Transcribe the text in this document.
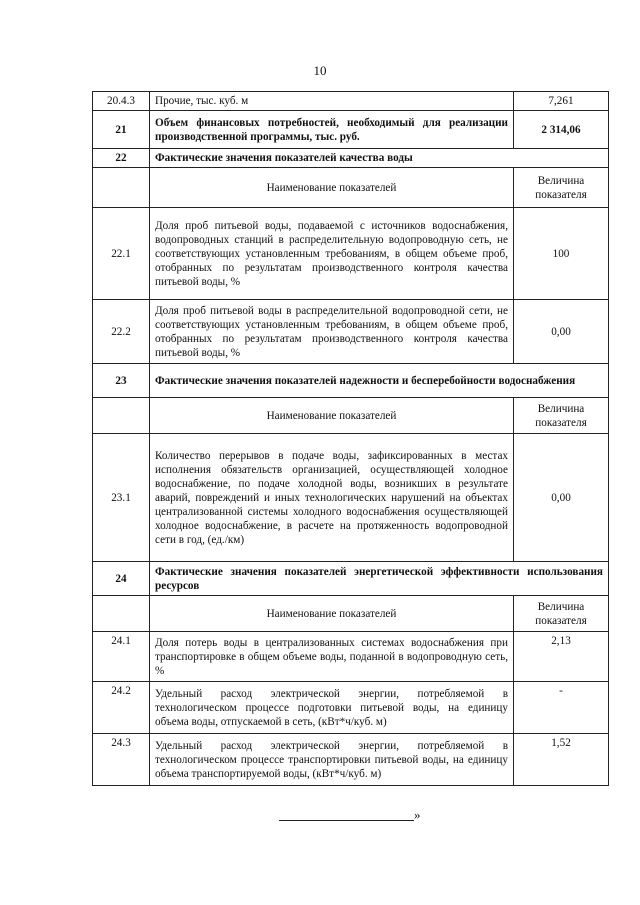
10
20.4.3	Прочие, тыс. куб. м	7,261
21	Объем финансовых потребностей, необходимый для реализации производственной программы, тыс. руб.	2 314,06
22	Фактические значения показателей качества воды	
	Наименование показателей	Величина показателя
22.1	Доля проб питьевой воды, подаваемой с источников водоснабжения, водопроводных станций в распределительную водопроводную сеть, не соответствующих установленным требованиям, в общем объеме проб, отобранных по результатам производственного контроля качества питьевой воды, %	100
22.2	Доля проб питьевой воды в распределительной водопроводной сети, не соответствующих установленным требованиям, в общем объеме проб, отобранных по результатам производственного контроля качества питьевой воды, %	0,00
23	Фактические значения показателей надежности и бесперебойности водоснабжения	
	Наименование показателей	Величина показателя
23.1	Количество перерывов в подаче воды, зафиксированных в местах исполнения обязательств организацией, осуществляющей холодное водоснабжение, по подаче холодной воды, возникших в результате аварий, повреждений и иных технологических нарушений на объектах централизованной системы холодного водоснабжения осуществляющей холодное водоснабжение, в расчете на протяженность водопроводной сети в год, (ед./км)	0,00
24	Фактические значения показателей энергетической эффективности использования ресурсов	
	Наименование показателей	Величина показателя
24.1	Доля потерь воды в централизованных системах водоснабжения при транспортировке в общем объеме воды, поданной в водопроводную сеть, %	2,13
24.2	Удельный расход электрической энергии, потребляемой в технологическом процессе подготовки питьевой воды, на единицу объема воды, отпускаемой в сеть, (кВт*ч/куб. м)	-
24.3	Удельный расход электрической энергии, потребляемой в технологическом процессе транспортировки питьевой воды, на единицу объема транспортируемой воды, (кВт*ч/куб. м)	1,52
»
